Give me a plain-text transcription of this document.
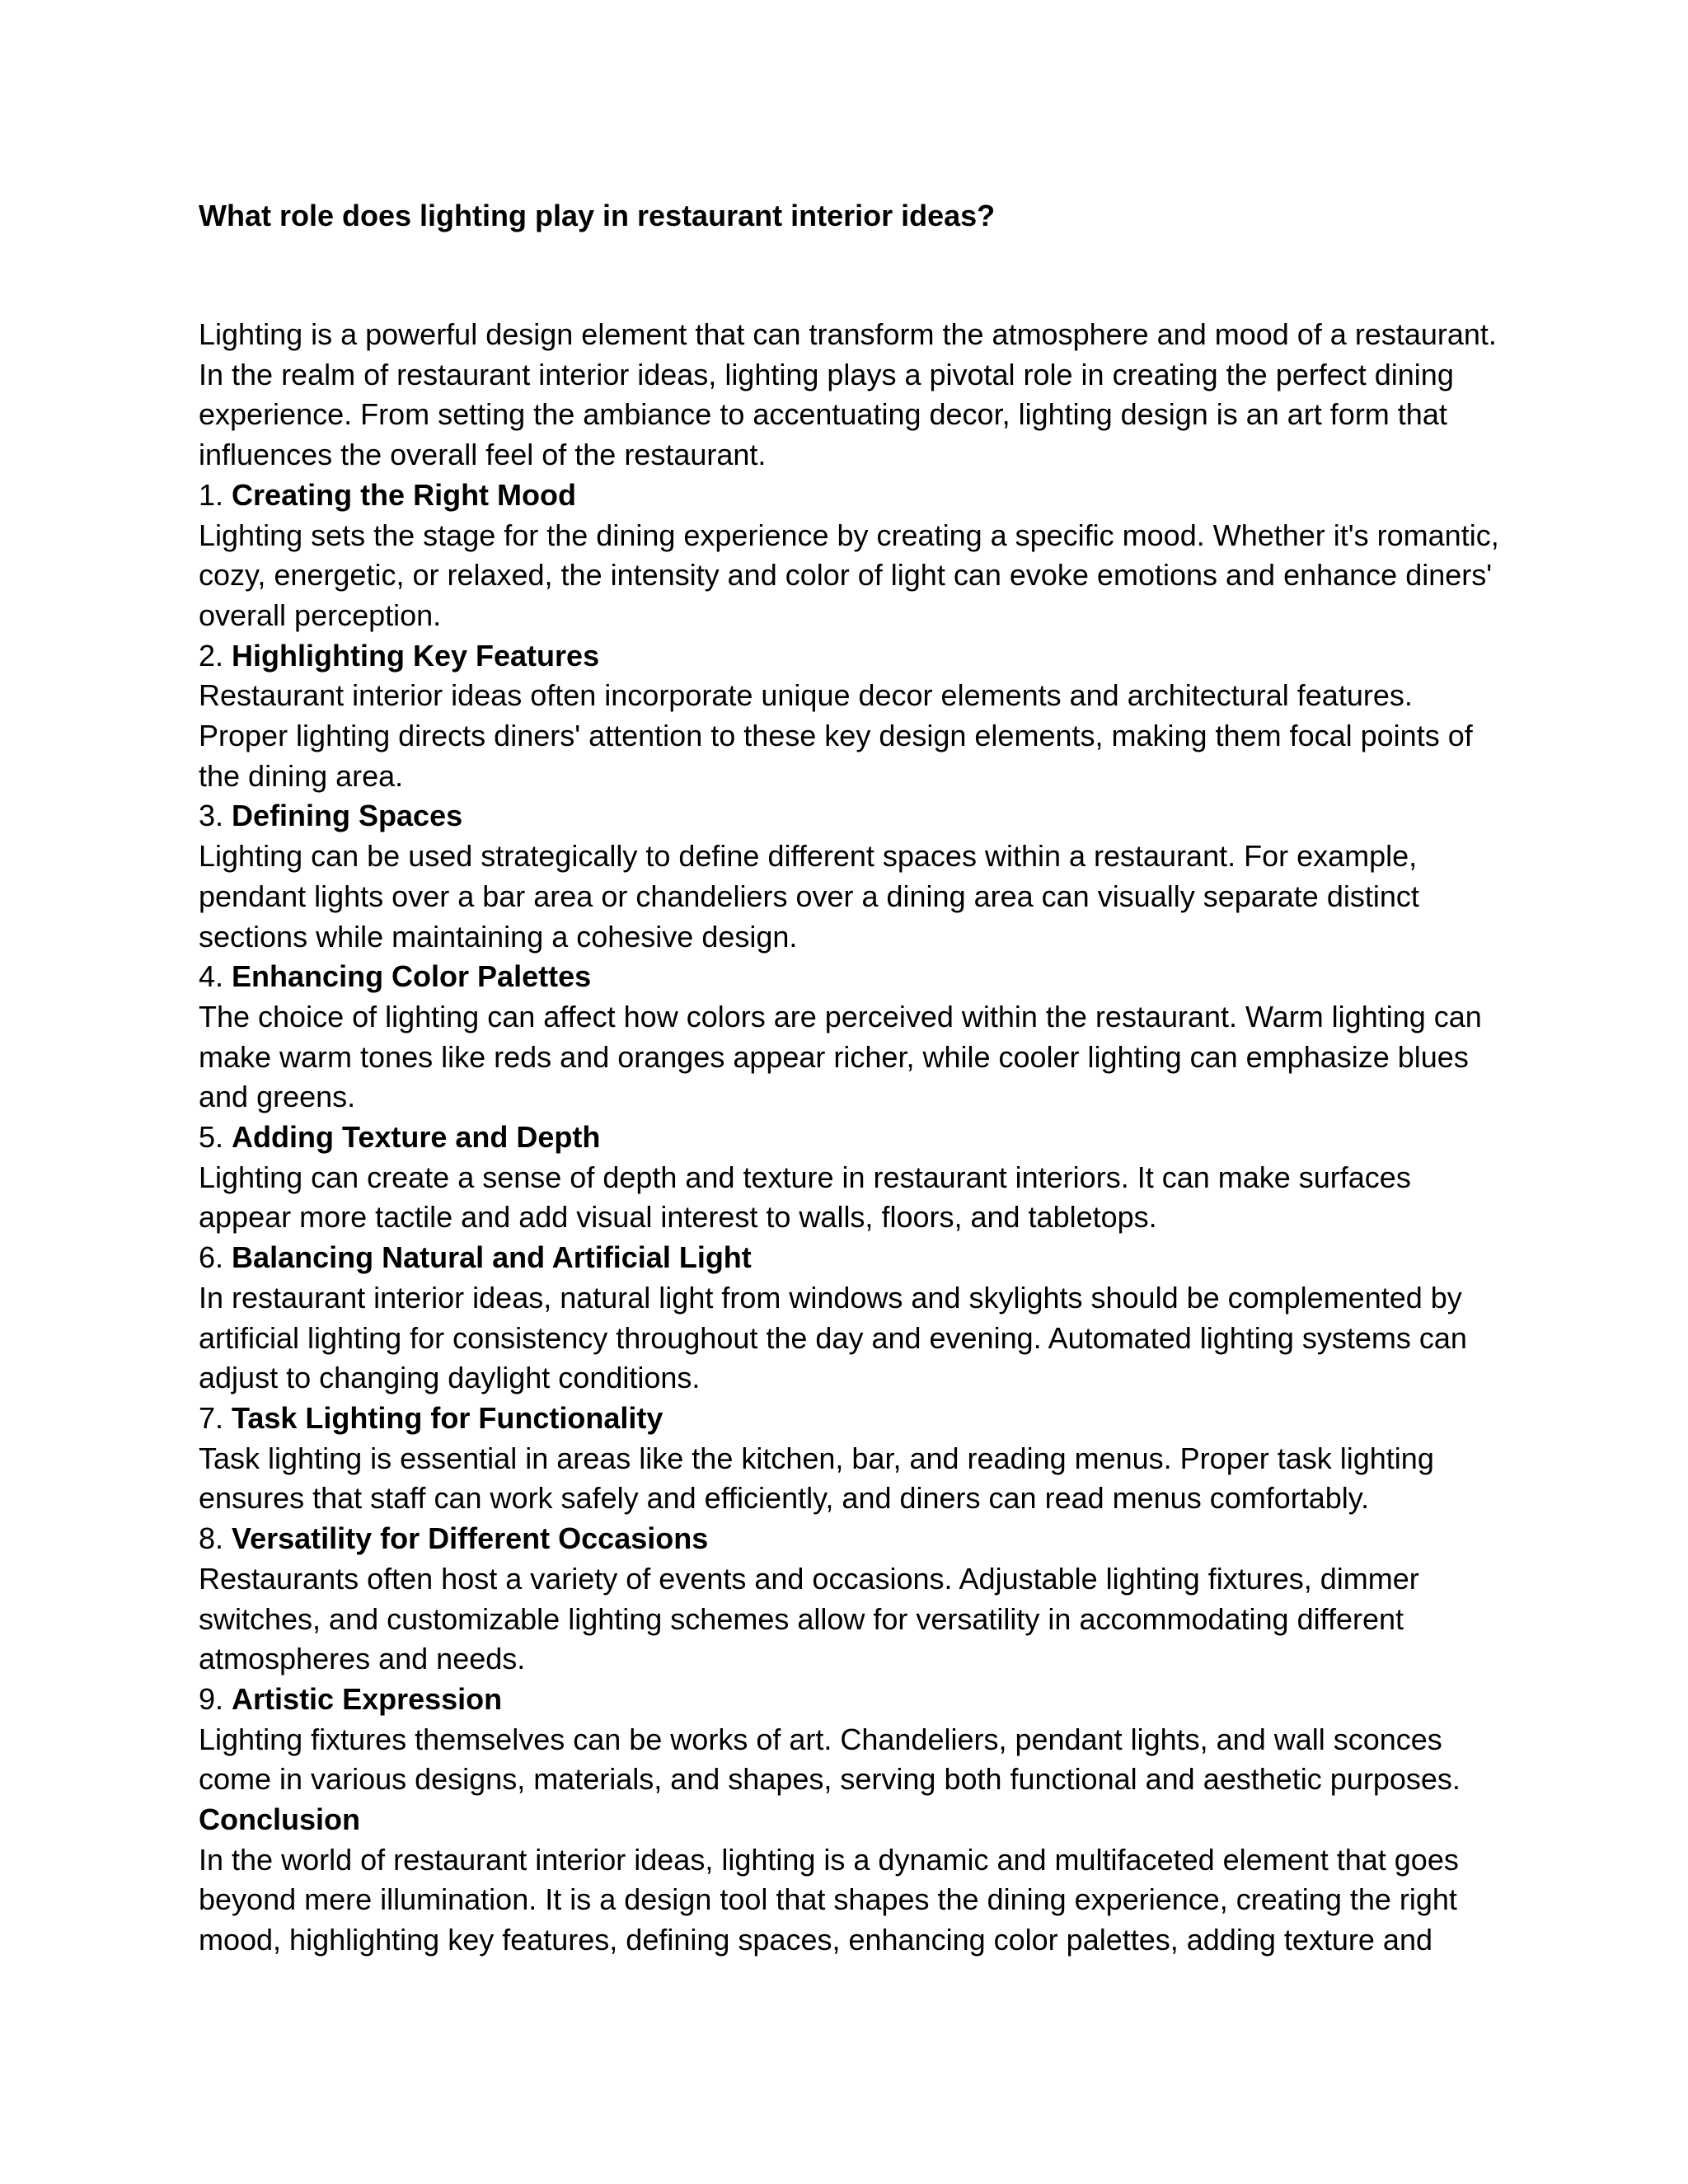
What role does lighting play in restaurant interior ideas?

Lighting is a powerful design element that can transform the atmosphere and mood of a restaurant. In the realm of restaurant interior ideas, lighting plays a pivotal role in creating the perfect dining experience. From setting the ambiance to accentuating decor, lighting design is an art form that influences the overall feel of the restaurant.

1. Creating the Right Mood

Lighting sets the stage for the dining experience by creating a specific mood. Whether it's romantic, cozy, energetic, or relaxed, the intensity and color of light can evoke emotions and enhance diners' overall perception.

2. Highlighting Key Features

Restaurant interior ideas often incorporate unique decor elements and architectural features. Proper lighting directs diners' attention to these key design elements, making them focal points of the dining area.

3. Defining Spaces

Lighting can be used strategically to define different spaces within a restaurant. For example, pendant lights over a bar area or chandeliers over a dining area can visually separate distinct sections while maintaining a cohesive design.

4. Enhancing Color Palettes

The choice of lighting can affect how colors are perceived within the restaurant. Warm lighting can make warm tones like reds and oranges appear richer, while cooler lighting can emphasize blues and greens.

5. Adding Texture and Depth

Lighting can create a sense of depth and texture in restaurant interiors. It can make surfaces appear more tactile and add visual interest to walls, floors, and tabletops.

6. Balancing Natural and Artificial Light

In restaurant interior ideas, natural light from windows and skylights should be complemented by artificial lighting for consistency throughout the day and evening. Automated lighting systems can adjust to changing daylight conditions.

7. Task Lighting for Functionality

Task lighting is essential in areas like the kitchen, bar, and reading menus. Proper task lighting ensures that staff can work safely and efficiently, and diners can read menus comfortably.

8. Versatility for Different Occasions

Restaurants often host a variety of events and occasions. Adjustable lighting fixtures, dimmer switches, and customizable lighting schemes allow for versatility in accommodating different atmospheres and needs.

9. Artistic Expression

Lighting fixtures themselves can be works of art. Chandeliers, pendant lights, and wall sconces come in various designs, materials, and shapes, serving both functional and aesthetic purposes.

Conclusion

In the world of restaurant interior ideas, lighting is a dynamic and multifaceted element that goes beyond mere illumination. It is a design tool that shapes the dining experience, creating the right mood, highlighting key features, defining spaces, enhancing color palettes, adding texture and
